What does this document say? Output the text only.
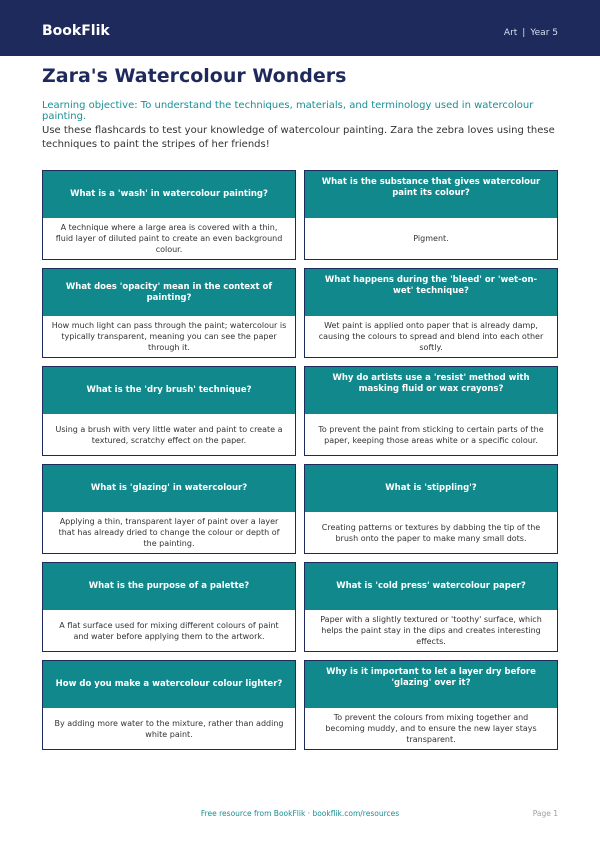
BookFlik	Art | Year 5
Zara's Watercolour Wonders

Learning objective: To understand the techniques, materials, and terminology used in watercolour painting.

Use these flashcards to test your knowledge of watercolour painting. Zara the zebra loves using these techniques to paint the stripes of her friends!

What is a 'wash' in watercolour painting?
A technique where a large area is covered with a thin, fluid layer of diluted paint to create an even background colour.
What is the substance that gives watercolour paint its colour?
Pigment.
What does 'opacity' mean in the context of painting?
How much light can pass through the paint; watercolour is typically transparent, meaning you can see the paper through it.
What happens during the 'bleed' or 'wet-on-wet' technique?
Wet paint is applied onto paper that is already damp, causing the colours to spread and blend into each other softly.
What is the 'dry brush' technique?
Using a brush with very little water and paint to create a textured, scratchy effect on the paper.
Why do artists use a 'resist' method with masking fluid or wax crayons?
To prevent the paint from sticking to certain parts of the paper, keeping those areas white or a specific colour.
What is 'glazing' in watercolour?
Applying a thin, transparent layer of paint over a layer that has already dried to change the colour or depth of the painting.
What is 'stippling'?
Creating patterns or textures by dabbing the tip of the brush onto the paper to make many small dots.
What is the purpose of a palette?
A flat surface used for mixing different colours of paint and water before applying them to the artwork.
What is 'cold press' watercolour paper?
Paper with a slightly textured or 'toothy' surface, which helps the paint stay in the dips and creates interesting effects.
How do you make a watercolour colour lighter?
By adding more water to the mixture, rather than adding white paint.
Why is it important to let a layer dry before 'glazing' over it?
To prevent the colours from mixing together and becoming muddy, and to ensure the new layer stays transparent.
Free resource from BookFlik · bookflik.com/resources	Page 1
